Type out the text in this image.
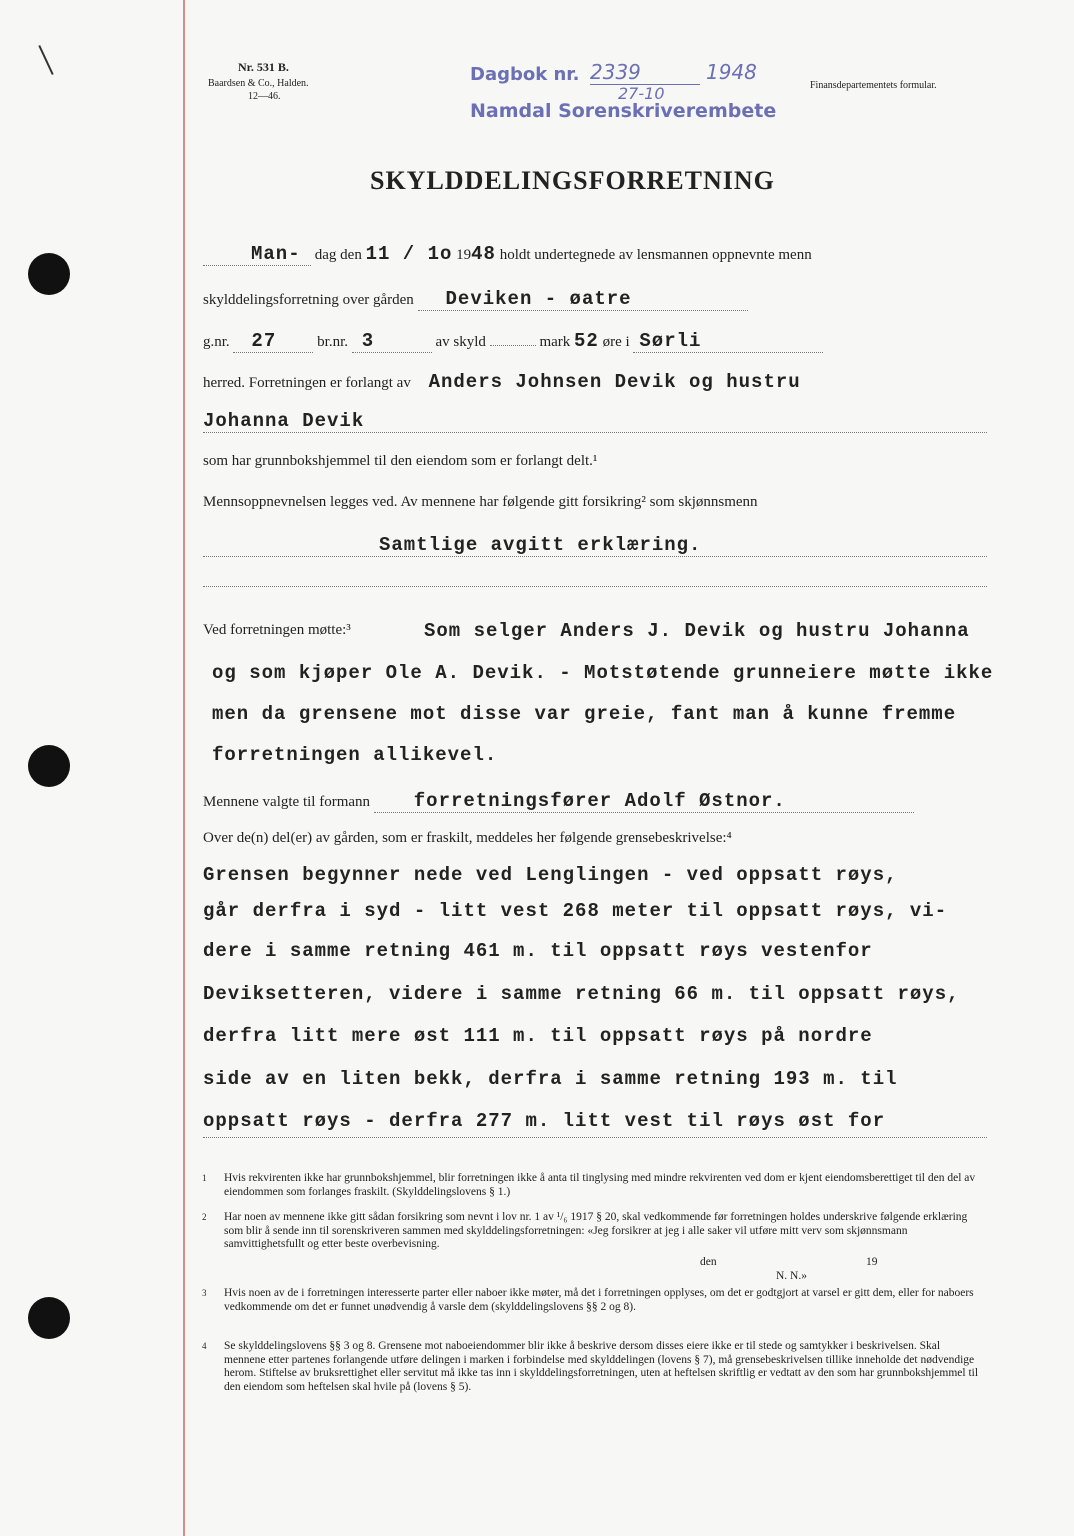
Nr. 531 B.
Baardsen & Co., Halden.
12—46.
Finansdepartementets formular.
Dagbok nr. 2339	1948
27-10
Namdal Sorenskriverembete
SKYLDDELINGSFORRETNING
Man- dag den 11 / 1o 1948 holdt undertegnede av lensmannen oppnevnte menn
skylddelingsforretning over gården Deviken - øatre
g.nr. 27	br.nr. 3	av skyld	mark 52 øre i Sørli
herred. Forretningen er forlangt av Anders Johnsen Devik og hustru
Johanna Devik
som har grunnbokshjemmel til den eiendom som er forlangt delt.¹
Mennsoppnevnelsen legges ved. Av mennene har følgende gitt forsikring² som skjønnsmenn
Samtlige avgitt erklæring.
Ved forretningen møtte:³	Som selger Anders J. Devik og hustru Johanna
og som kjøper Ole A. Devik. - Motstøtende grunneiere møtte ikke
men da grensene mot disse var greie, fant man å kunne fremme
forretningen allikevel.
Mennene valgte til formann forretningsfører Adolf Østnor.
Over de(n) del(er) av gården, som er fraskilt, meddeles her følgende grensebeskrivelse:⁴
Grensen begynner nede ved Lenglingen - ved oppsatt røys,
går derfra i syd - litt vest 268 meter til oppsatt røys, vi-
dere i samme retning 461 m. til oppsatt røys vestenfor
Deviksetteren, videre i samme retning 66 m. til oppsatt røys,
derfra litt mere øst 111 m. til oppsatt røys på nordre
side av en liten bekk, derfra i samme retning 193 m. til
oppsatt røys - derfra 277 m. litt vest til røys øst for
1 Hvis rekvirenten ikke har grunnbokshjemmel, blir forretningen ikke å anta til tinglysing med mindre rekvirenten ved dom er kjent eiendomsberettiget til den del av eiendommen som forlanges fraskilt. (Skylddelingslovens § 1.)
2 Har noen av mennene ikke gitt sådan forsikring som nevnt i lov nr. 1 av ¹/₆ 1917 § 20, skal vedkommende før forretningen holdes underskrive følgende erklæring som blir å sende inn til sorenskriveren sammen med skylddelingsforretningen: «Jeg forsikrer at jeg i alle saker vil utføre mitt verv som skjønnsmann samvittighetsfullt og etter beste overbevisning.
den	19
N. N.»
3 Hvis noen av de i forretningen interesserte parter eller naboer ikke møter, må det i forretningen opplyses, om det er godtgjort at varsel er gitt dem, eller for naboers vedkommende om det er funnet unødvendig å varsle dem (skylddelingslovens §§ 2 og 8).
4 Se skylddelingslovens §§ 3 og 8. Grensene mot naboeiendommer blir ikke å beskrive dersom disses eiere ikke er til stede og samtykker i beskrivelsen. Skal mennene etter partenes forlangende utføre delingen i marken i forbindelse med skylddelingen (lovens § 7), må grensebeskrivelsen tillike inneholde det nødvendige herom. Stiftelse av bruksrettighet eller servitut må ikke tas inn i skylddelingsforretningen, uten at heftelsen skriftlig er vedtatt av den som har grunnbokshjemmel til den eiendom som heftelsen skal hvile på (lovens § 5).
